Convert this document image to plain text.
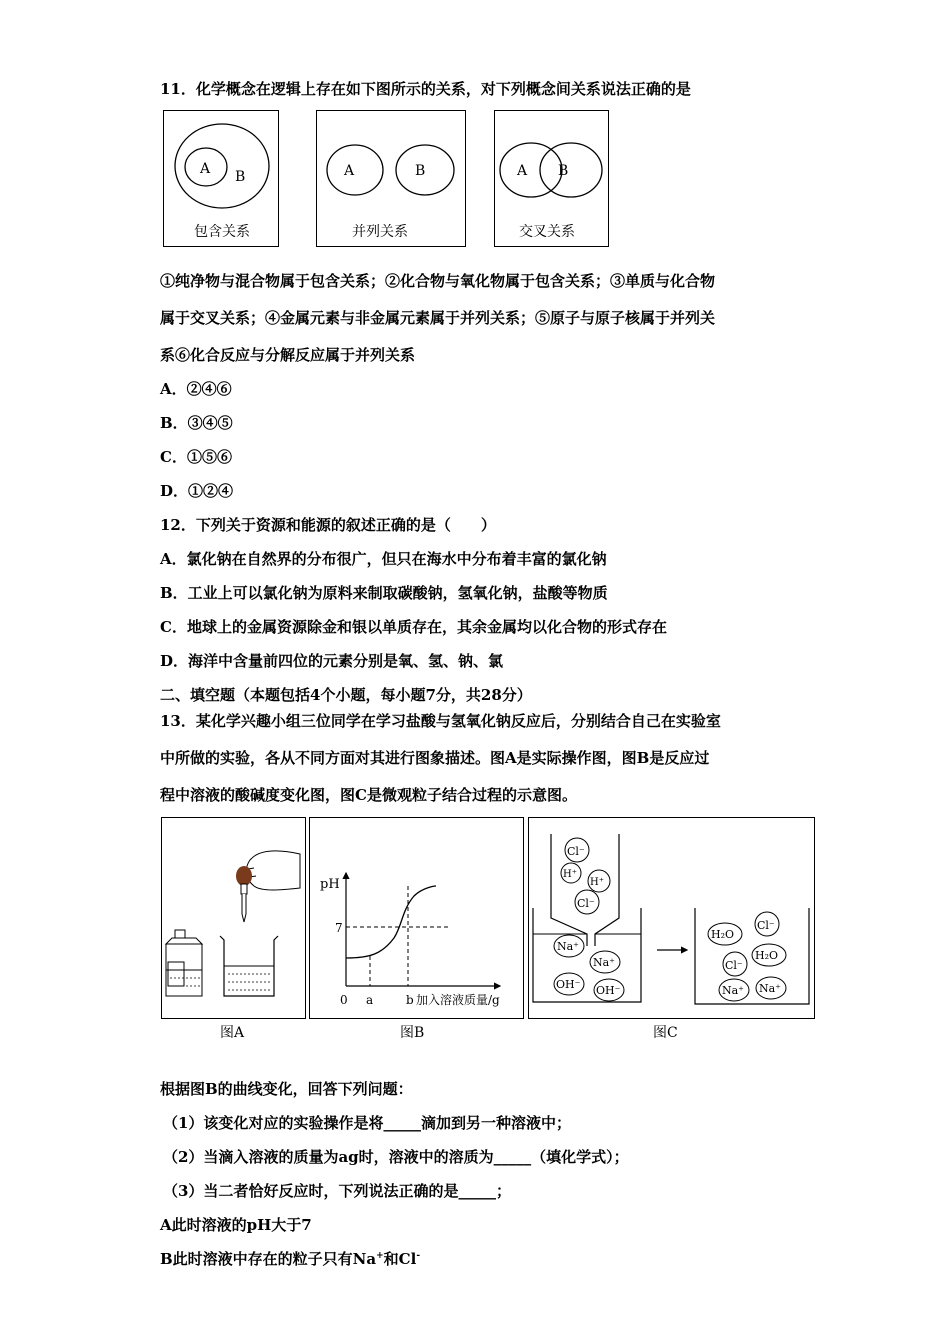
11．化学概念在逻辑上存在如下图所示的关系，对下列概念间关系说法正确的是
A B
包含关系
A	B
并列关系
A B
交叉关系
①纯净物与混合物属于包含关系；②化合物与氧化物属于包含关系；③单质与化合物
属于交叉关系；④金属元素与非金属元素属于并列关系；⑤原子与原子核属于并列关
系⑥化合反应与分解反应属于并列关系
A．②④⑥
B．③④⑤
C．①⑤⑥
D．①②④
12．下列关于资源和能源的叙述正确的是（　　）
A．氯化钠在自然界的分布很广，但只在海水中分布着丰富的氯化钠
B．工业上可以氯化钠为原料来制取碳酸钠，氢氧化钠，盐酸等物质
C．地球上的金属资源除金和银以单质存在，其余金属均以化合物的形式存在
D．海洋中含量前四位的元素分别是氧、氢、钠、氯
二、填空题（本题包括4个小题，每小题7分，共28分）
13．某化学兴趣小组三位同学在学习盐酸与氢氧化钠反应后，分别结合自己在实验室
中所做的实验，各从不同方面对其进行图象描述。图A是实际操作图，图B是反应过
程中溶液的酸碱度变化图，图C是微观粒子结合过程的示意图。
图A
pH
7
0 a	b 加入溶液质量/g
图B
Cl⁻
H⁺
H⁺
Cl⁻
Na⁺
Na⁺
OH⁻ OH⁻
H₂O
Cl⁻
H₂O
Cl⁻
Na⁺ Na⁺
图C
根据图B的曲线变化，回答下列问题：
（1）该变化对应的实验操作是将_____滴加到另一种溶液中；
（2）当滴入溶液的质量为ag时，溶液中的溶质为_____（填化学式）；
（3）当二者恰好反应时，下列说法正确的是_____；
A此时溶液的pH大于7
B此时溶液中存在的粒子只有Na+和Cl-
